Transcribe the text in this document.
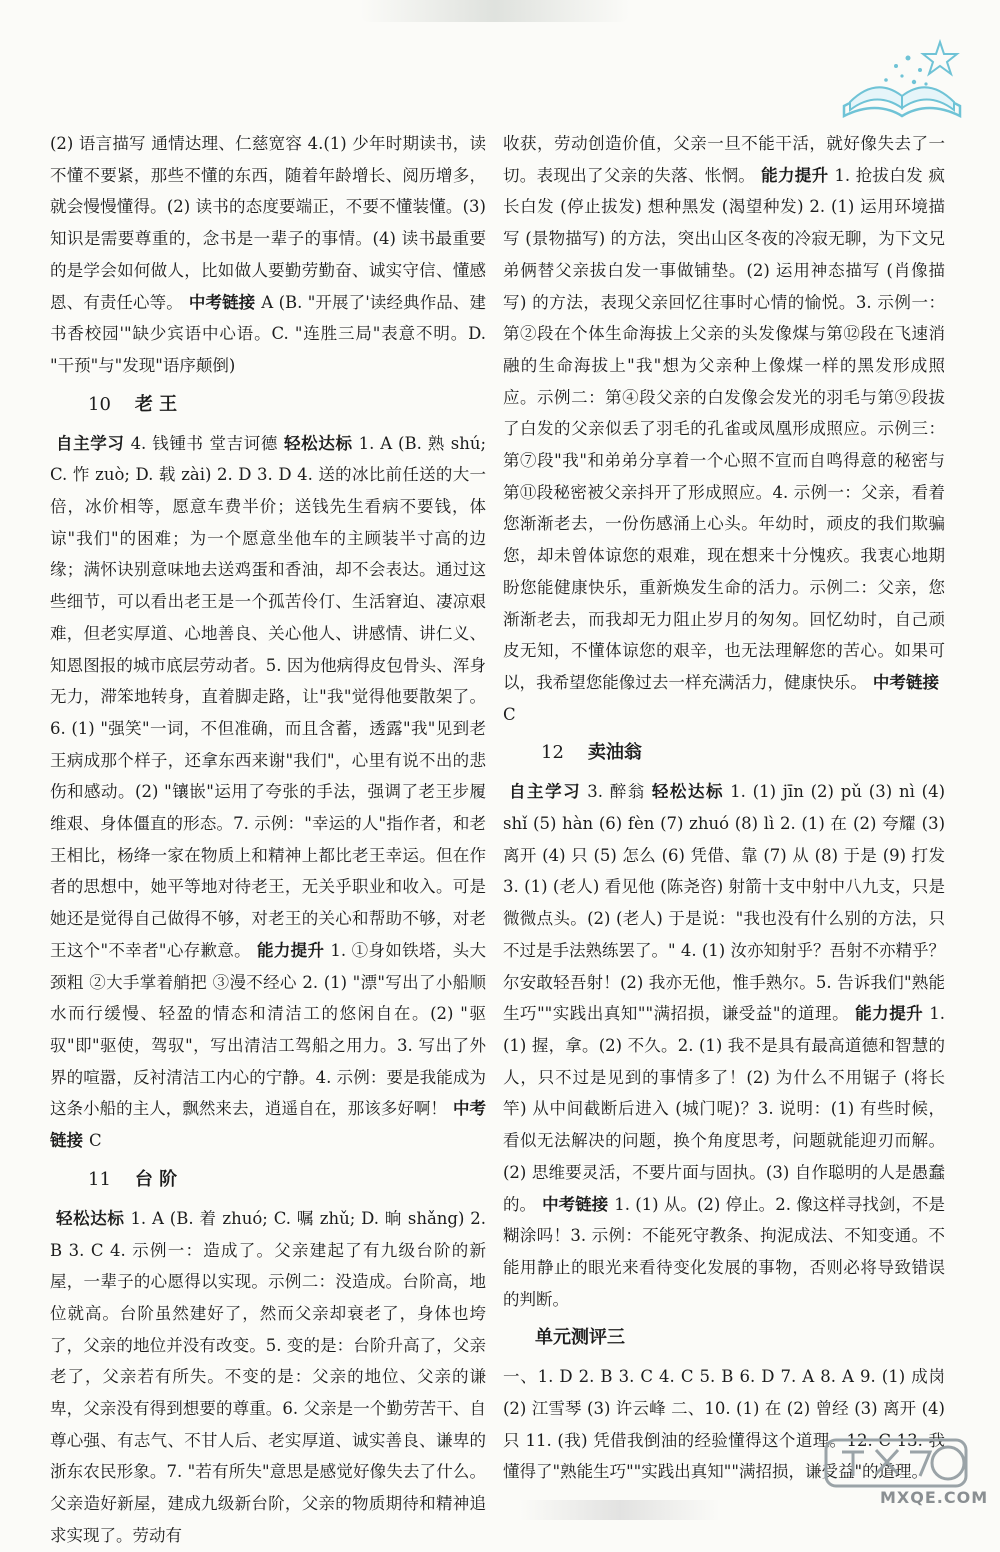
(2) 语言描写 通情达理、仁慈宽容 4.(1) 少年时期读书，读不懂不要紧，那些不懂的东西，随着年龄增长、阅历增多，就会慢慢懂得。(2) 读书的态度要端正，不要不懂装懂。(3) 知识是需要尊重的，念书是一辈子的事情。(4) 读书最重要的是学会如何做人，比如做人要勤劳勤奋、诚实守信、懂感恩、有责任心等。 中考链接 A (B. "开展了'读经典作品、建书香校园'"缺少宾语中心语。C. "连胜三局"表意不明。D. "干预"与"发现"语序颠倒)

10 老 王

自主学习 4. 钱锺书 堂吉诃德 轻松达标 1. A (B. 熟 shú; C. 怍 zuò; D. 载 zài) 2. D 3. D 4. 送的冰比前任送的大一倍，冰价相等，愿意车费半价；送钱先生看病不要钱，体谅"我们"的困难；为一个愿意坐他车的主顾装半寸高的边缘；满怀诀别意味地去送鸡蛋和香油，却不会表达。通过这些细节，可以看出老王是一个孤苦伶仃、生活窘迫、凄凉艰难，但老实厚道、心地善良、关心他人、讲感情、讲仁义、知恩图报的城市底层劳动者。5. 因为他病得皮包骨头、浑身无力，滞笨地转身，直着脚走路，让"我"觉得他要散架了。6. (1) "强笑"一词，不但准确，而且含蓄，透露"我"见到老王病成那个样子，还拿东西来谢"我们"，心里有说不出的悲伤和感动。(2) "镶嵌"运用了夸张的手法，强调了老王步履维艰、身体僵直的形态。7. 示例："幸运的人"指作者，和老王相比，杨绛一家在物质上和精神上都比老王幸运。但在作者的思想中，她平等地对待老王，无关乎职业和收入。可是她还是觉得自己做得不够，对老王的关心和帮助不够，对老王这个"不幸者"心存歉意。 能力提升 1. ①身如铁塔，头大颈粗 ②大手掌着艄把 ③漫不经心 2. (1) "漂"写出了小船顺水而行缓慢、轻盈的情态和清洁工的悠闲自在。(2) "驱驭"即"驱使，驾驭"，写出清洁工驾船之用力。3. 写出了外界的喧嚣，反衬清洁工内心的宁静。4. 示例：要是我能成为这条小船的主人，飘然来去，逍遥自在，那该多好啊！ 中考链接 C

11 台 阶

轻松达标 1. A (B. 着 zhuó; C. 嘱 zhǔ; D. 晌 shǎng) 2. B 3. C 4. 示例一：造成了。父亲建起了有九级台阶的新屋，一辈子的心愿得以实现。示例二：没造成。台阶高，地位就高。台阶虽然建好了，然而父亲却衰老了，身体也垮了，父亲的地位并没有改变。5. 变的是：台阶升高了，父亲老了，父亲若有所失。不变的是：父亲的地位、父亲的谦卑，父亲没有得到想要的尊重。6. 父亲是一个勤劳苦干、自尊心强、有志气、不甘人后、老实厚道、诚实善良、谦卑的浙东农民形象。7. "若有所失"意思是感觉好像失去了什么。父亲造好新屋，建成九级新台阶，父亲的物质期待和精神追求实现了。劳动有

收获，劳动创造价值，父亲一旦不能干活，就好像失去了一切。表现出了父亲的失落、怅惘。 能力提升 1. 抢拔白发 疯长白发 (停止拔发) 想种黑发 (渴望种发) 2. (1) 运用环境描写 (景物描写) 的方法，突出山区冬夜的冷寂无聊，为下文兄弟俩替父亲拔白发一事做铺垫。(2) 运用神态描写 (肖像描写) 的方法，表现父亲回忆往事时心情的愉悦。3. 示例一：第②段在个体生命海拔上父亲的头发像煤与第⑫段在飞速消融的生命海拔上"我"想为父亲种上像煤一样的黑发形成照应。示例二：第④段父亲的白发像会发光的羽毛与第⑨段拔了白发的父亲似丢了羽毛的孔雀或凤凰形成照应。示例三：第⑦段"我"和弟弟分享着一个心照不宣而自鸣得意的秘密与第⑪段秘密被父亲抖开了形成照应。4. 示例一：父亲，看着您渐渐老去，一份伤感涌上心头。年幼时，顽皮的我们欺骗您，却未曾体谅您的艰难，现在想来十分愧疚。我衷心地期盼您能健康快乐，重新焕发生命的活力。示例二：父亲，您渐渐老去，而我却无力阻止岁月的匆匆。回忆幼时，自己顽皮无知，不懂体谅您的艰辛，也无法理解您的苦心。如果可以，我希望您能像过去一样充满活力，健康快乐。 中考链接C

12 卖油翁

自主学习 3. 醉翁 轻松达标 1. (1) jīn (2) pǔ (3) nì (4) shǐ (5) hàn (6) fèn (7) zhuó (8) lì 2. (1) 在 (2) 夸耀 (3) 离开 (4) 只 (5) 怎么 (6) 凭借、靠 (7) 从 (8) 于是 (9) 打发 3. (1) (老人) 看见他 (陈尧咨) 射箭十支中射中八九支，只是微微点头。(2) (老人) 于是说："我也没有什么别的方法，只不过是手法熟练罢了。" 4. (1) 汝亦知射乎？吾射不亦精乎？尔安敢轻吾射！(2) 我亦无他，惟手熟尔。5. 告诉我们"熟能生巧""实践出真知""满招损，谦受益"的道理。 能力提升 1. (1) 握，拿。(2) 不久。2. (1) 我不是具有最高道德和智慧的人，只不过是见到的事情多了！(2) 为什么不用锯子 (将长竿) 从中间截断后进入 (城门呢)？3. 说明：(1) 有些时候，看似无法解决的问题，换个角度思考，问题就能迎刃而解。(2) 思维要灵活，不要片面与固执。(3) 自作聪明的人是愚蠢的。 中考链接 1. (1) 从。(2) 停止。2. 像这样寻找剑，不是糊涂吗！3. 示例：不能死守教条、拘泥成法、不知变通。不能用静止的眼光来看待变化发展的事物，否则必将导致错误的判断。

单元测评三

一、1. D 2. B 3. C 4. C 5. B 6. D 7. A 8. A 9. (1) 成岗 (2) 江雪琴 (3) 许云峰 二、10. (1) 在 (2) 曾经 (3) 离开 (4) 只 11. (我) 凭借我倒油的经验懂得这个道理。12. C 13. 我懂得了"熟能生巧""实践出真知""满招损，谦受益"的道理。

MXQE.COM
